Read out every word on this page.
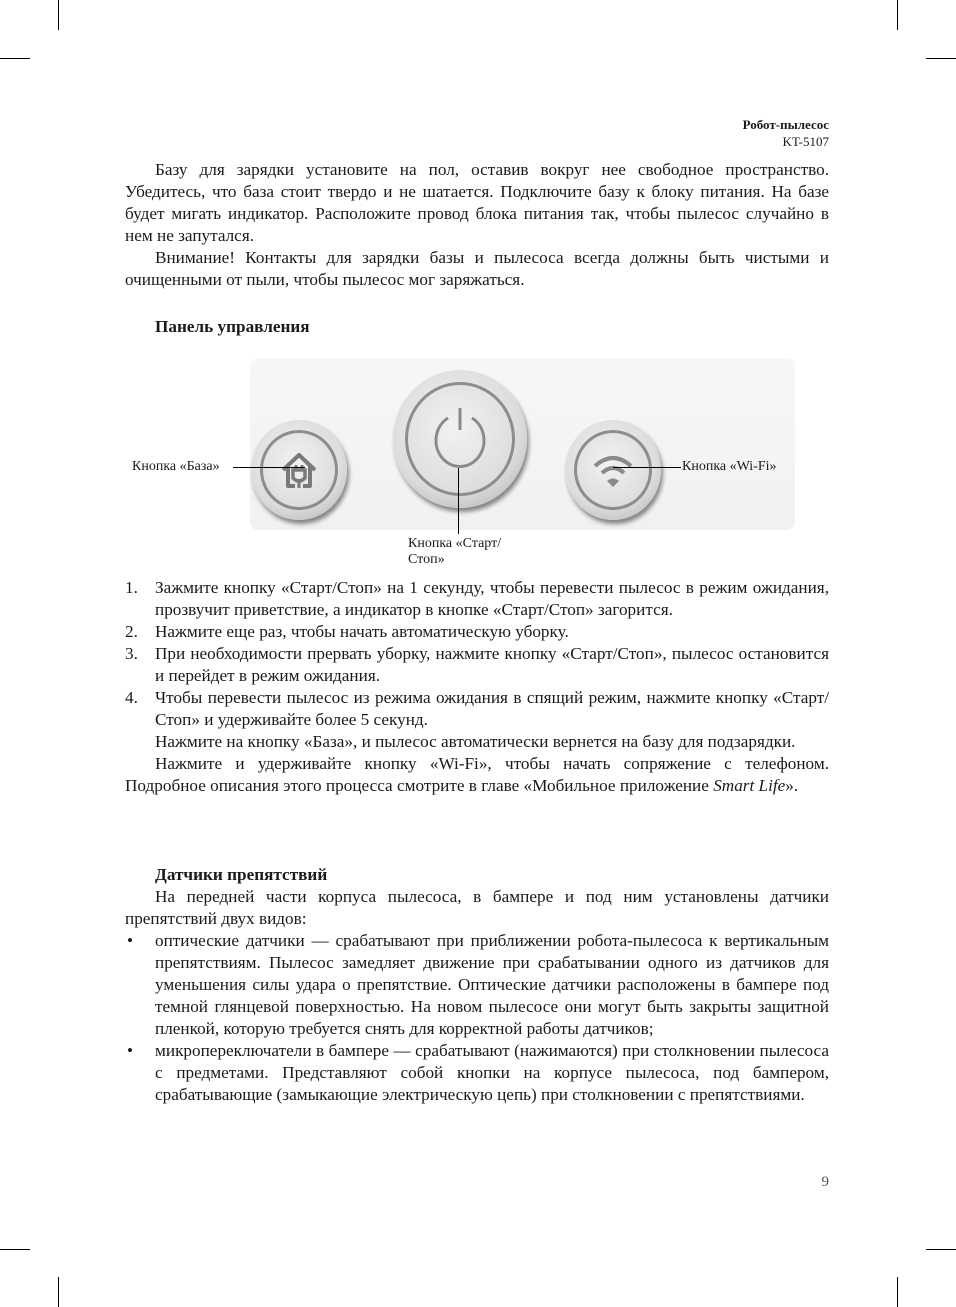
Робот-пылесос
KT-5107

Базу для зарядки установите на пол, оставив вокруг нее свободное пространство. Убедитесь, что база стоит твердо и не шатается. Подключите базу к блоку питания. На базе будет мигать индикатор. Расположите провод блока питания так, чтобы пылесос случайно в нем не запутался.

Внимание! Контакты для зарядки базы и пылесоса всегда должны быть чистыми и очищенными от пыли, чтобы пылесос мог заряжаться.

Панель управления

Кнопка «База»
Кнопка «Старт/
Стоп»
Кнопка «Wi-Fi»
1. Зажмите кнопку «Старт/Стоп» на 1 секунду, чтобы перевести пылесос в режим ожидания, прозвучит приветствие, а индикатор в кнопке «Старт/Стоп» загорится.
2. Нажмите еще раз, чтобы начать автоматическую уборку.
3. При необходимости прервать уборку, нажмите кнопку «Старт/Стоп», пылесос остановится и перейдет в режим ожидания.
4. Чтобы перевести пылесос из режима ожидания в спящий режим, нажмите кнопку «Старт/Стоп» и удерживайте более 5 секунд.

Нажмите на кнопку «База», и пылесос автоматически вернется на базу для подзарядки.

Нажмите и удерживайте кнопку «Wi-Fi», чтобы начать сопряжение с телефоном. Подробное описания этого процесса смотрите в главе «Мобильное приложение Smart Life».

Датчики препятствий

На передней части корпуса пылесоса, в бампере и под ним установлены датчики препятствий двух видов:

• оптические датчики — срабатывают при приближении робота-пылесоса к вертикальным препятствиям. Пылесос замедляет движение при срабатывании одного из датчиков для уменьшения силы удара о препятствие. Оптические датчики расположены в бампере под темной глянцевой поверхностью. На новом пылесосе они могут быть закрыты защитной пленкой, которую требуется снять для корректной работы датчиков;
• микропереключатели в бампере — срабатывают (нажимаются) при столкновении пылесоса с предметами. Представляют собой кнопки на корпусе пылесоса, под бампером, срабатывающие (замыкающие электрическую цепь) при столкновении с препятствиями.
9
